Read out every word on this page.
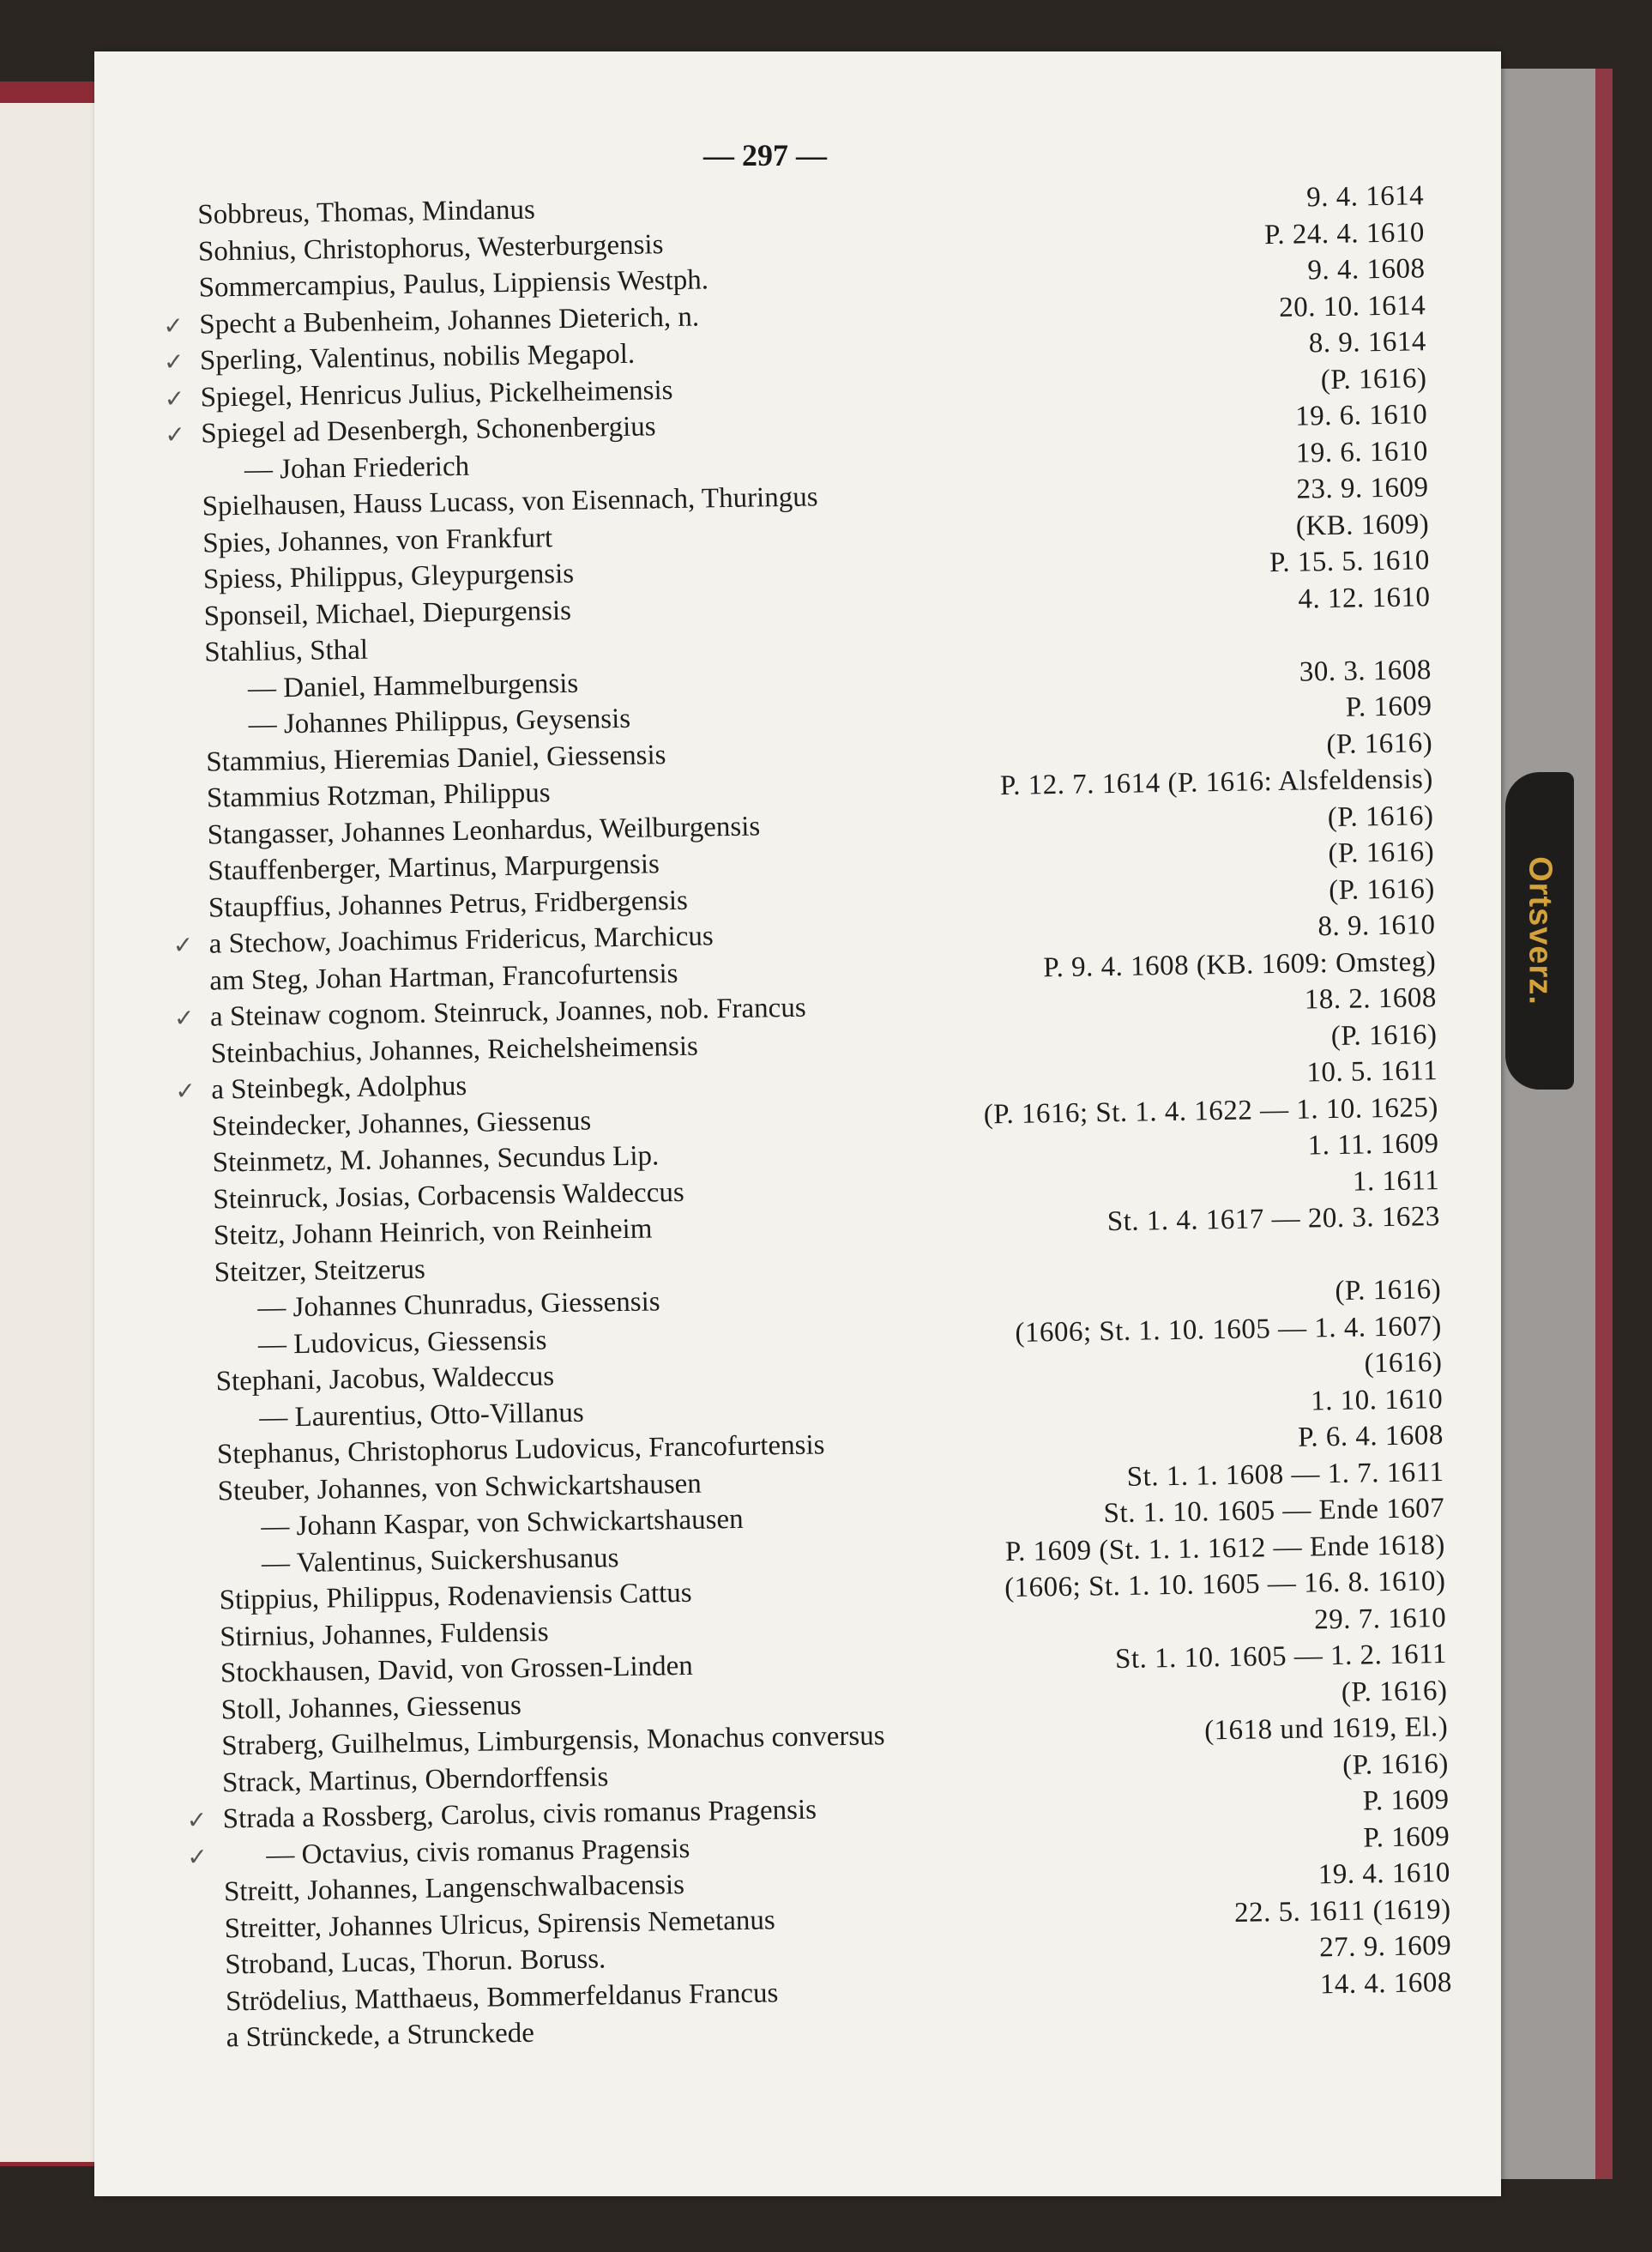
Ortsverz.
— 297 —
Sobbreus, Thomas, Mindanus	9. 4. 1614
Sohnius, Christophorus, Westerburgensis	P. 24. 4. 1610
Sommercampius, Paulus, Lippiensis Westph.	9. 4. 1608
✓ Specht a Bubenheim, Johannes Dieterich, n.	20. 10. 1614
✓ Sperling, Valentinus, nobilis Megapol.	8. 9. 1614
✓ Spiegel, Henricus Julius, Pickelheimensis	(P. 1616)
✓ Spiegel ad Desenbergh, Schonenbergius	19. 6. 1610
— Johan Friederich	19. 6. 1610
Spielhausen, Hauss Lucass, von Eisennach, Thuringus	23. 9. 1609
Spies, Johannes, von Frankfurt	(KB. 1609)
Spiess, Philippus, Gleypurgensis	P. 15. 5. 1610
Sponseil, Michael, Diepurgensis	4. 12. 1610
Stahlius, Sthal
— Daniel, Hammelburgensis	30. 3. 1608
— Johannes Philippus, Geysensis	P. 1609
Stammius, Hieremias Daniel, Giessensis	(P. 1616)
Stammius Rotzman, Philippus	P. 12. 7. 1614 (P. 1616: Alsfeldensis)
Stangasser, Johannes Leonhardus, Weilburgensis	(P. 1616)
Stauffenberger, Martinus, Marpurgensis	(P. 1616)
Staupffius, Johannes Petrus, Fridbergensis	(P. 1616)
✓ a Stechow, Joachimus Fridericus, Marchicus	8. 9. 1610
am Steg, Johan Hartman, Francofurtensis	P. 9. 4. 1608 (KB. 1609: Omsteg)
✓ a Steinaw cognom. Steinruck, Joannes, nob. Francus	18. 2. 1608
Steinbachius, Johannes, Reichelsheimensis	(P. 1616)
✓ a Steinbegk, Adolphus	10. 5. 1611
Steindecker, Johannes, Giessenus	(P. 1616; St. 1. 4. 1622 — 1. 10. 1625)
Steinmetz, M. Johannes, Secundus Lip.	1. 11. 1609
Steinruck, Josias, Corbacensis Waldeccus	1. 1611
Steitz, Johann Heinrich, von Reinheim	St. 1. 4. 1617 — 20. 3. 1623
Steitzer, Steitzerus
— Johannes Chunradus, Giessensis	(P. 1616)
— Ludovicus, Giessensis	(1606; St. 1. 10. 1605 — 1. 4. 1607)
Stephani, Jacobus, Waldeccus	(1616)
— Laurentius, Otto-Villanus	1. 10. 1610
Stephanus, Christophorus Ludovicus, Francofurtensis	P. 6. 4. 1608
Steuber, Johannes, von Schwickartshausen	St. 1. 1. 1608 — 1. 7. 1611
— Johann Kaspar, von Schwickartshausen	St. 1. 10. 1605 — Ende 1607
— Valentinus, Suickershusanus	P. 1609 (St. 1. 1. 1612 — Ende 1618)
Stippius, Philippus, Rodenaviensis Cattus	(1606; St. 1. 10. 1605 — 16. 8. 1610)
Stirnius, Johannes, Fuldensis	29. 7. 1610
Stockhausen, David, von Grossen-Linden	St. 1. 10. 1605 — 1. 2. 1611
Stoll, Johannes, Giessenus	(P. 1616)
Straberg, Guilhelmus, Limburgensis, Monachus conversus	(1618 und 1619, El.)
Strack, Martinus, Oberndorffensis	(P. 1616)
✓ Strada a Rossberg, Carolus, civis romanus Pragensis	P. 1609
✓ — Octavius, civis romanus Pragensis	P. 1609
Streitt, Johannes, Langenschwalbacensis	19. 4. 1610
Streitter, Johannes Ulricus, Spirensis Nemetanus	22. 5. 1611 (1619)
Stroband, Lucas, Thorun. Boruss.	27. 9. 1609
Strödelius, Matthaeus, Bommerfeldanus Francus	14. 4. 1608
a Strünckede, a Strunckede
